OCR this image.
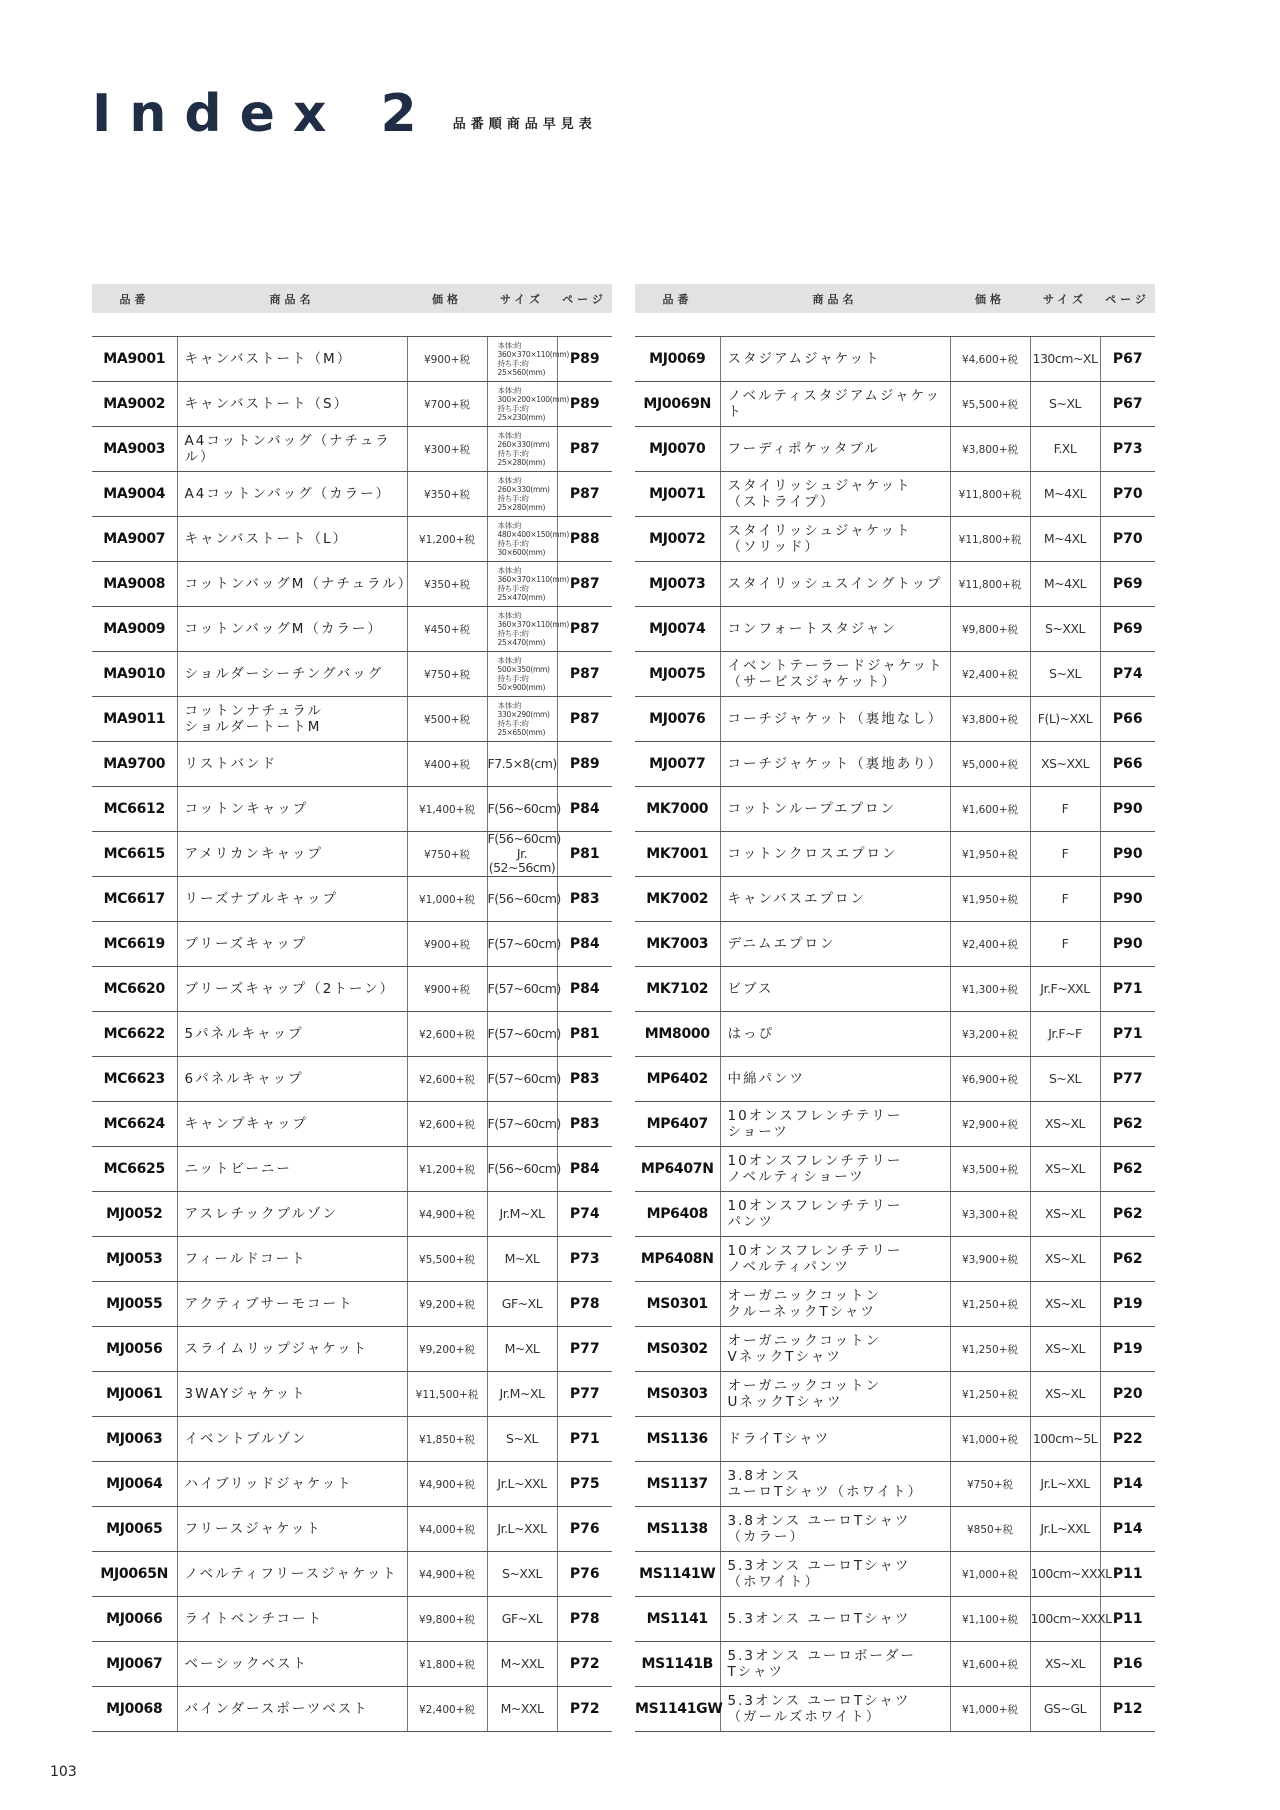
Index 2 品番順商品早見表
品番	商品名	価格	サイズ	ページ

MA9001	キャンバストート（M）	¥900+税	本体:約360×370×110(mm) 持ち手:約25×560(mm)	P89
MA9002	キャンバストート（S）	¥700+税	本体:約300×200×100(mm) 持ち手:約25×230(mm)	P89
MA9003	A4コットンバッグ（ナチュラル）	¥300+税	本体:約260×330(mm) 持ち手:約25×280(mm)	P87
MA9004	A4コットンバッグ（カラー）	¥350+税	本体:約260×330(mm) 持ち手:約25×280(mm)	P87
MA9007	キャンバストート（L）	¥1,200+税	本体:約480×400×150(mm) 持ち手:約30×600(mm)	P88
MA9008	コットンバッグM（ナチュラル）	¥350+税	本体:約360×370×110(mm) 持ち手:約25×470(mm)	P87
MA9009	コットンバッグM（カラー）	¥450+税	本体:約360×370×110(mm) 持ち手:約25×470(mm)	P87
MA9010	ショルダーシーチングバッグ	¥750+税	本体:約500×350(mm) 持ち手:約50×900(mm)	P87
MA9011	コットンナチュラル
ショルダートートM	¥500+税	本体:約330×290(mm) 持ち手:約25×650(mm)	P87
MA9700	リストバンド	¥400+税	F7.5×8(cm)	P89
MC6612	コットンキャップ	¥1,400+税	F(56~60cm)	P84
MC6615	アメリカンキャップ	¥750+税	F(56~60cm)
Jr.(52~56cm)	P81
MC6617	リーズナブルキャップ	¥1,000+税	F(56~60cm)	P83
MC6619	ブリーズキャップ	¥900+税	F(57~60cm)	P84
MC6620	ブリーズキャップ（2トーン）	¥900+税	F(57~60cm)	P84
MC6622	5パネルキャップ	¥2,600+税	F(57~60cm)	P81
MC6623	6パネルキャップ	¥2,600+税	F(57~60cm)	P83
MC6624	キャンプキャップ	¥2,600+税	F(57~60cm)	P83
MC6625	ニットビーニー	¥1,200+税	F(56~60cm)	P84
MJ0052	アスレチックブルゾン	¥4,900+税	Jr.M~XL	P74
MJ0053	フィールドコート	¥5,500+税	M~XL	P73
MJ0055	アクティブサーモコート	¥9,200+税	GF~XL	P78
MJ0056	スライムリップジャケット	¥9,200+税	M~XL	P77
MJ0061	3WAYジャケット	¥11,500+税	Jr.M~XL	P77
MJ0063	イベントブルゾン	¥1,850+税	S~XL	P71
MJ0064	ハイブリッドジャケット	¥4,900+税	Jr.L~XXL	P75
MJ0065	フリースジャケット	¥4,000+税	Jr.L~XXL	P76
MJ0065N	ノベルティフリースジャケット	¥4,900+税	S~XXL	P76
MJ0066	ライトベンチコート	¥9,800+税	GF~XL	P78
MJ0067	ベーシックベスト	¥1,800+税	M~XXL	P72
MJ0068	バインダースポーツベスト	¥2,400+税	M~XXL	P72
品番	商品名	価格	サイズ	ページ

MJ0069	スタジアムジャケット	¥4,600+税	130cm~XL	P67
MJ0069N	ノベルティスタジアムジャケット	¥5,500+税	S~XL	P67
MJ0070	フーディポケッタブル	¥3,800+税	F.XL	P73
MJ0071	スタイリッシュジャケット
（ストライプ）	¥11,800+税	M~4XL	P70
MJ0072	スタイリッシュジャケット
（ソリッド）	¥11,800+税	M~4XL	P70
MJ0073	スタイリッシュスイングトップ	¥11,800+税	M~4XL	P69
MJ0074	コンフォートスタジャン	¥9,800+税	S~XXL	P69
MJ0075	イベントテーラードジャケット
（サービスジャケット）	¥2,400+税	S~XL	P74
MJ0076	コーチジャケット（裏地なし）	¥3,800+税	F(L)~XXL	P66
MJ0077	コーチジャケット（裏地あり）	¥5,000+税	XS~XXL	P66
MK7000	コットンループエプロン	¥1,600+税	F	P90
MK7001	コットンクロスエプロン	¥1,950+税	F	P90
MK7002	キャンバスエプロン	¥1,950+税	F	P90
MK7003	デニムエプロン	¥2,400+税	F	P90
MK7102	ビブス	¥1,300+税	Jr.F~XXL	P71
MM8000	はっぴ	¥3,200+税	Jr.F~F	P71
MP6402	中綿パンツ	¥6,900+税	S~XL	P77
MP6407	10オンスフレンチテリー
ショーツ	¥2,900+税	XS~XL	P62
MP6407N	10オンスフレンチテリー
ノベルティショーツ	¥3,500+税	XS~XL	P62
MP6408	10オンスフレンチテリー
パンツ	¥3,300+税	XS~XL	P62
MP6408N	10オンスフレンチテリー
ノベルティパンツ	¥3,900+税	XS~XL	P62
MS0301	オーガニックコットン
クルーネックTシャツ	¥1,250+税	XS~XL	P19
MS0302	オーガニックコットン
VネックTシャツ	¥1,250+税	XS~XL	P19
MS0303	オーガニックコットン
UネックTシャツ	¥1,250+税	XS~XL	P20
MS1136	ドライTシャツ	¥1,000+税	100cm~5L	P22
MS1137	3.8オンス
ユーロTシャツ（ホワイト）	¥750+税	Jr.L~XXL	P14
MS1138	3.8オンス ユーロTシャツ
（カラー）	¥850+税	Jr.L~XXL	P14
MS1141W	5.3オンス ユーロTシャツ
（ホワイト）	¥1,000+税	100cm~XXXL	P11
MS1141	5.3オンス ユーロTシャツ	¥1,100+税	100cm~XXXL	P11
MS1141B	5.3オンス ユーロボーダー
Tシャツ	¥1,600+税	XS~XL	P16
MS1141GW	5.3オンス ユーロTシャツ
（ガールズホワイト）	¥1,000+税	GS~GL	P12
103
